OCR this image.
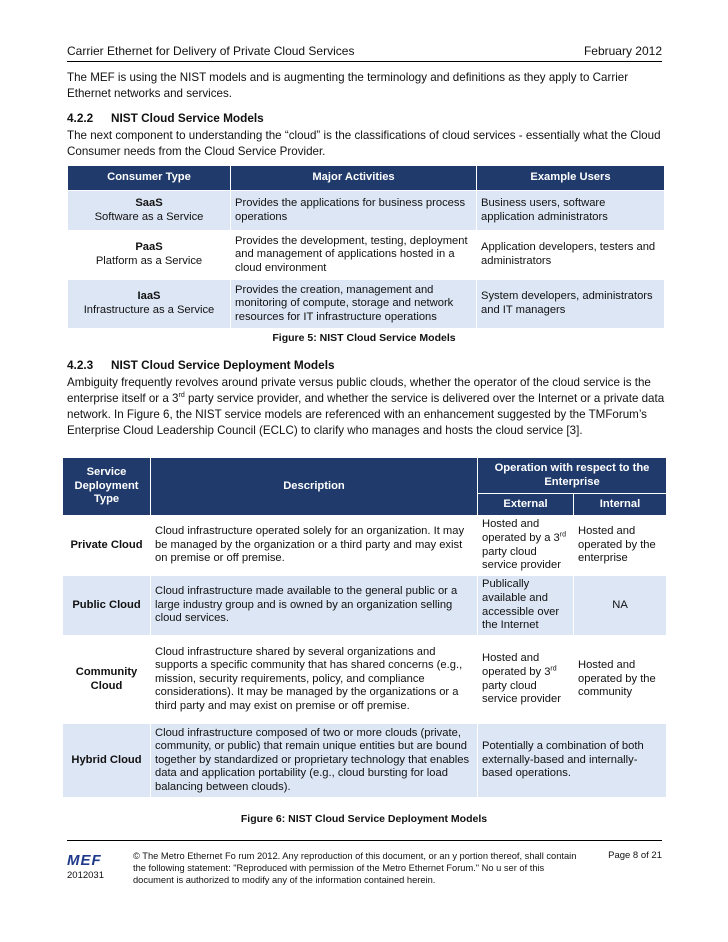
Carrier Ethernet for Delivery of Private Cloud Services	February 2012

The MEF is using the NIST models and is augmenting the terminology and definitions as they apply to Carrier Ethernet networks and services.

4.2.2 NIST Cloud Service Models

The next component to understanding the “cloud” is the classifications of cloud services - essentially what the Cloud Consumer needs from the Cloud Service Provider.

Consumer Type	Major Activities	Example Users

SaaS
Software as a Service	Provides the applications for business process operations	Business users, software application administrators

PaaS
Platform as a Service	Provides the development, testing, deployment and management of applications hosted in a cloud environment	Application developers, testers and administrators

IaaS
Infrastructure as a Service	Provides the creation, management and monitoring of compute, storage and network resources for IT infrastructure operations	System developers, administrators and IT managers
Figure 5: NIST Cloud Service Models
4.2.3 NIST Cloud Service Deployment Models

Ambiguity frequently revolves around private versus public clouds, whether the operator of the cloud service is the enterprise itself or a 3rd party service provider, and whether the service is delivered over the Internet or a private data network. In Figure 6, the NIST service models are referenced with an enhancement suggested by the TMForum’s Enterprise Cloud Leadership Council (ECLC) to clarify who manages and hosts the cloud service [3].

Service Deployment Type	Description	Operation with respect to the Enterprise	
		External	Internal
Private Cloud	Cloud infrastructure operated solely for an organization. It may be managed by the organization or a third party and may exist on premise or off premise.	Hosted and operated by a 3rd party cloud service provider	Hosted and operated by the enterprise
Public Cloud	Cloud infrastructure made available to the general public or a large industry group and is owned by an organization selling cloud services.	Publically available and accessible over the Internet	NA
Community Cloud	Cloud infrastructure shared by several organizations and supports a specific community that has shared concerns (e.g., mission, security requirements, policy, and compliance considerations). It may be managed by the organizations or a third party and may exist on premise or off premise.	Hosted and operated by 3rd party cloud service provider	Hosted and operated by the community
Hybrid Cloud	Cloud infrastructure composed of two or more clouds (private, community, or public) that remain unique entities but are bound together by standardized or proprietary technology that enables data and application portability (e.g., cloud bursting for load balancing between clouds).	Potentially a combination of both externally-based and internally-based operations.	
Figure 6: NIST Cloud Service Deployment Models
MEF
2012031
© The Metro Ethernet Fo rum 2012. Any reproduction of this document, or an y portion thereof, shall contain the following statement: "Reproduced with permission of the Metro Ethernet Forum." No u ser of this document is authorized to modify any of the information contained herein.
Page 8 of 21
